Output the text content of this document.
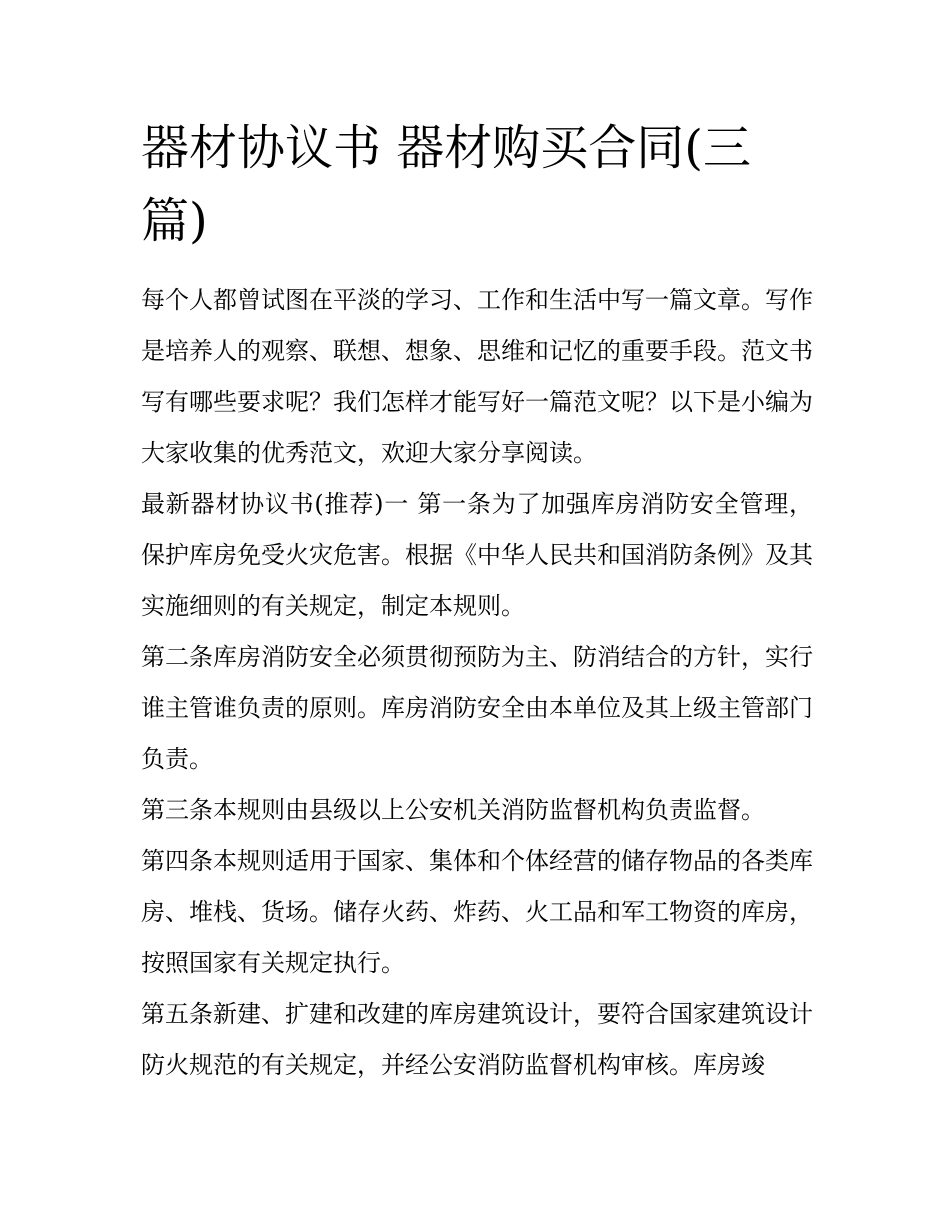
器材协议书 器材购买合同(三篇)

每个人都曾试图在平淡的学习、工作和生活中写一篇文章。写作是培养人的观察、联想、想象、思维和记忆的重要手段。范文书写有哪些要求呢？我们怎样才能写好一篇范文呢？以下是小编为大家收集的优秀范文，欢迎大家分享阅读。

最新器材协议书(推荐)一 第一条为了加强库房消防安全管理，保护库房免受火灾危害。根据《中华人民共和国消防条例》及其实施细则的有关规定，制定本规则。

第二条库房消防安全必须贯彻预防为主、防消结合的方针，实行谁主管谁负责的原则。库房消防安全由本单位及其上级主管部门负责。

第三条本规则由县级以上公安机关消防监督机构负责监督。

第四条本规则适用于国家、集体和个体经营的储存物品的各类库房、堆栈、货场。储存火药、炸药、火工品和军工物资的库房，按照国家有关规定执行。

第五条新建、扩建和改建的库房建筑设计，要符合国家建筑设计防火规范的有关规定，并经公安消防监督机构审核。库房竣
